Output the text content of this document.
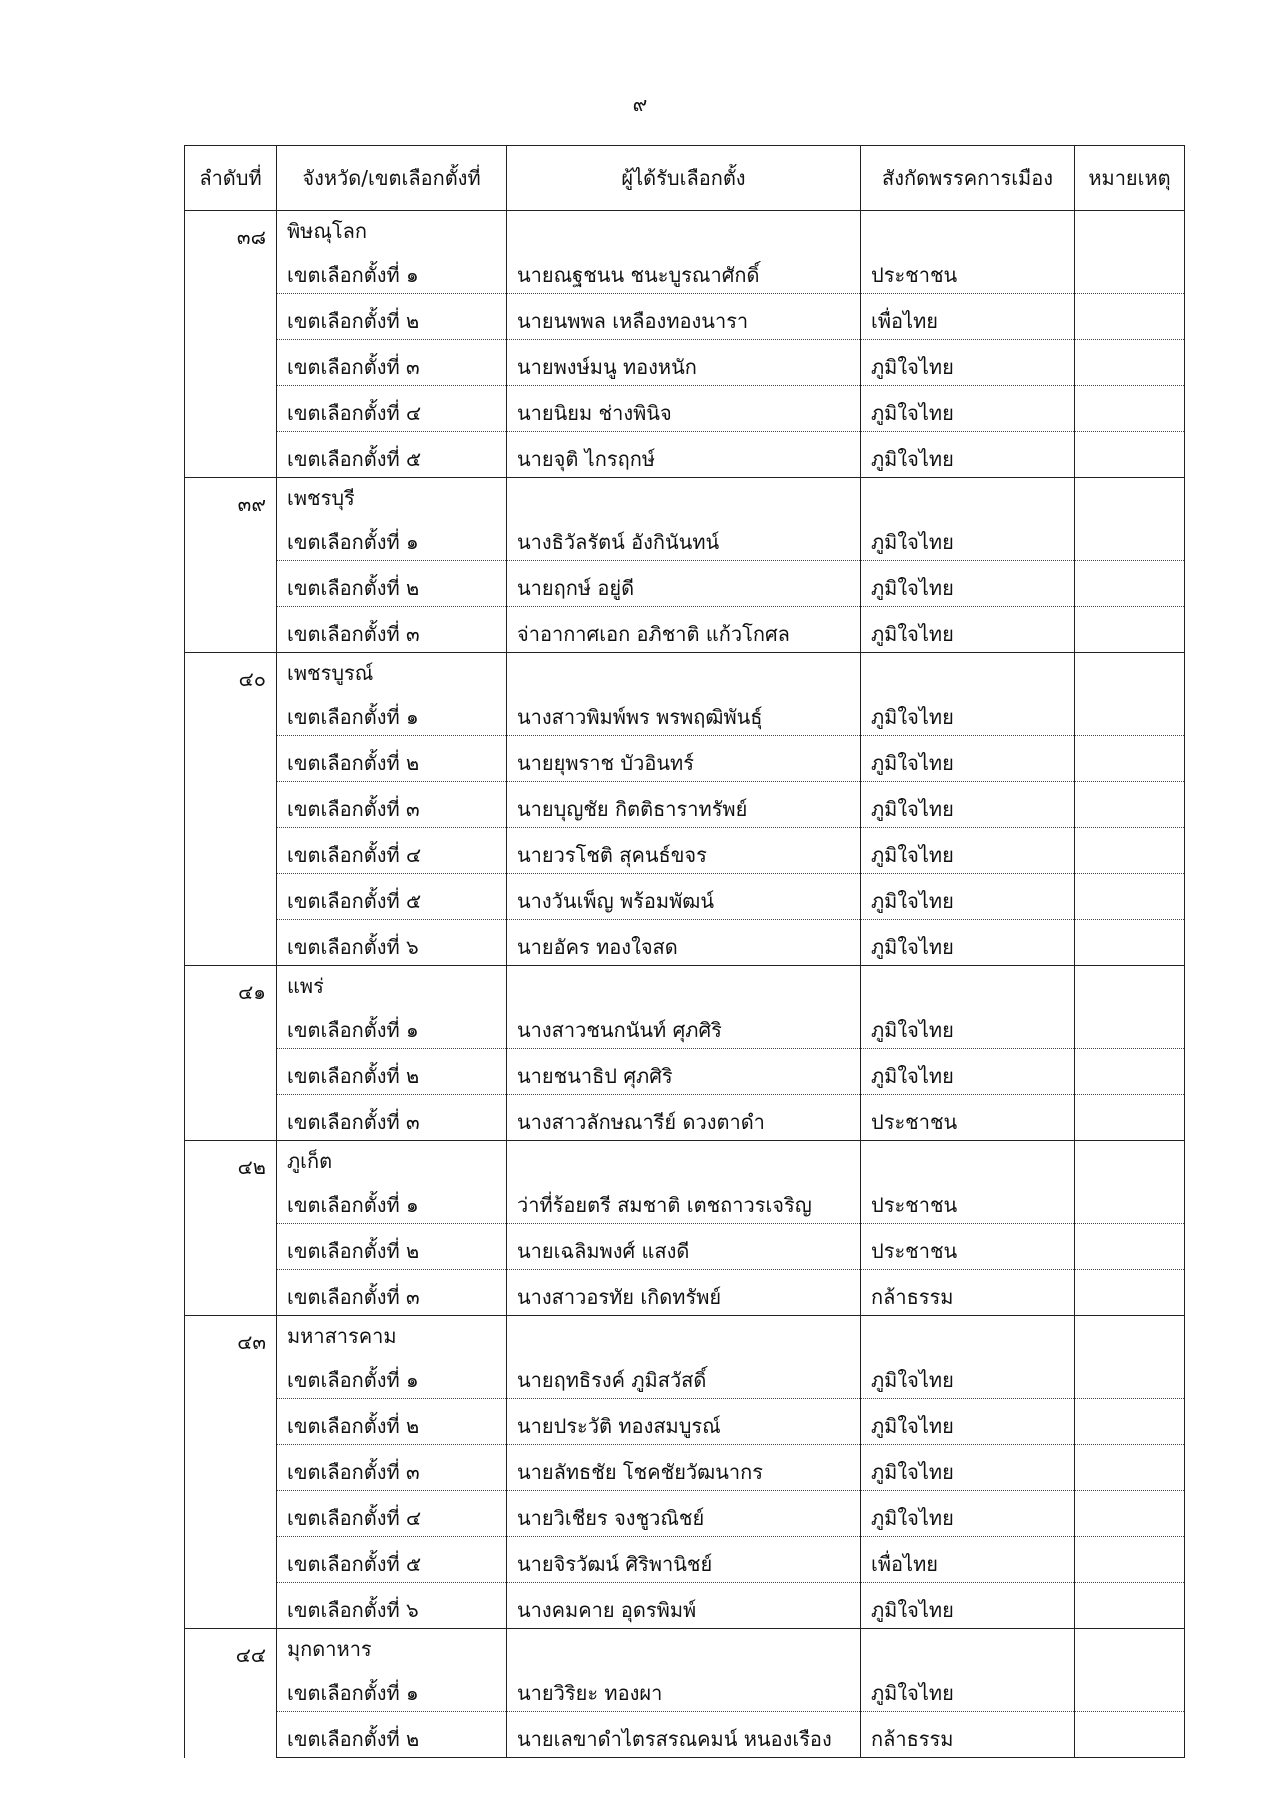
๙
ลำดับที่	จังหวัด/เขตเลือกตั้งที่	ผู้ได้รับเลือกตั้ง	สังกัดพรรคการเมือง	หมายเหตุ
๓๘	พิษณุโลก			
	เขตเลือกตั้งที่ ๑	นายณฐชนน ชนะบูรณาศักดิ์	ประชาชน	
	เขตเลือกตั้งที่ ๒	นายนพพล เหลืองทองนารา	เพื่อไทย	
	เขตเลือกตั้งที่ ๓	นายพงษ์มนู ทองหนัก	ภูมิใจไทย	
	เขตเลือกตั้งที่ ๔	นายนิยม ช่างพินิจ	ภูมิใจไทย	
	เขตเลือกตั้งที่ ๕	นายจุติ ไกรฤกษ์	ภูมิใจไทย	
๓๙	เพชรบุรี			
	เขตเลือกตั้งที่ ๑	นางธิวัลรัตน์ อังกินันทน์	ภูมิใจไทย	
	เขตเลือกตั้งที่ ๒	นายฤกษ์ อยู่ดี	ภูมิใจไทย	
	เขตเลือกตั้งที่ ๓	จ่าอากาศเอก อภิชาติ แก้วโกศล	ภูมิใจไทย	
๔๐	เพชรบูรณ์			
	เขตเลือกตั้งที่ ๑	นางสาวพิมพ์พร พรพฤฒิพันธุ์	ภูมิใจไทย	
	เขตเลือกตั้งที่ ๒	นายยุพราช บัวอินทร์	ภูมิใจไทย	
	เขตเลือกตั้งที่ ๓	นายบุญชัย กิตติธาราทรัพย์	ภูมิใจไทย	
	เขตเลือกตั้งที่ ๔	นายวรโชติ สุคนธ์ขจร	ภูมิใจไทย	
	เขตเลือกตั้งที่ ๕	นางวันเพ็ญ พร้อมพัฒน์	ภูมิใจไทย	
	เขตเลือกตั้งที่ ๖	นายอัคร ทองใจสด	ภูมิใจไทย	
๔๑	แพร่			
	เขตเลือกตั้งที่ ๑	นางสาวชนกนันท์ ศุภศิริ	ภูมิใจไทย	
	เขตเลือกตั้งที่ ๒	นายชนาธิป ศุภศิริ	ภูมิใจไทย	
	เขตเลือกตั้งที่ ๓	นางสาวลักษณารีย์ ดวงตาดำ	ประชาชน	
๔๒	ภูเก็ต			
	เขตเลือกตั้งที่ ๑	ว่าที่ร้อยตรี สมชาติ เตชถาวรเจริญ	ประชาชน	
	เขตเลือกตั้งที่ ๒	นายเฉลิมพงศ์ แสงดี	ประชาชน	
	เขตเลือกตั้งที่ ๓	นางสาวอรทัย เกิดทรัพย์	กล้าธรรม	
๔๓	มหาสารคาม			
	เขตเลือกตั้งที่ ๑	นายฤทธิรงค์ ภูมิสวัสดิ์	ภูมิใจไทย	
	เขตเลือกตั้งที่ ๒	นายประวัติ ทองสมบูรณ์	ภูมิใจไทย	
	เขตเลือกตั้งที่ ๓	นายลัทธชัย โชคชัยวัฒนากร	ภูมิใจไทย	
	เขตเลือกตั้งที่ ๔	นายวิเชียร จงชูวณิชย์	ภูมิใจไทย	
	เขตเลือกตั้งที่ ๕	นายจิรวัฒน์ ศิริพานิชย์	เพื่อไทย	
	เขตเลือกตั้งที่ ๖	นางคมคาย อุดรพิมพ์	ภูมิใจไทย	
๔๔	มุกดาหาร			
	เขตเลือกตั้งที่ ๑	นายวิริยะ ทองผา	ภูมิใจไทย	
	เขตเลือกตั้งที่ ๒	นายเลขาดำไตรสรณคมน์ หนองเรือง	กล้าธรรม	
